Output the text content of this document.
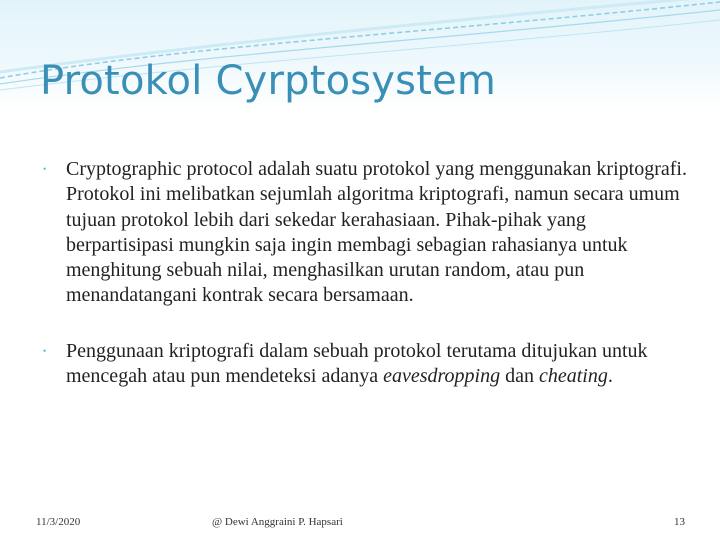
Protokol Cyrptosystem
• Cryptographic protocol adalah suatu protokol yang menggunakan kriptografi. Protokol ini melibatkan sejumlah algoritma kriptografi, namun secara umum tujuan protokol lebih dari sekedar kerahasiaan. Pihak-pihak yang berpartisipasi mungkin saja ingin membagi sebagian rahasianya untuk menghitung sebuah nilai, menghasilkan urutan random, atau pun menandatangani kontrak secara bersamaan.
• Penggunaan kriptografi dalam sebuah protokol terutama ditujukan untuk mencegah atau pun mendeteksi adanya eavesdropping dan cheating.
11/3/2020	@ Dewi Anggraini P. Hapsari	13
